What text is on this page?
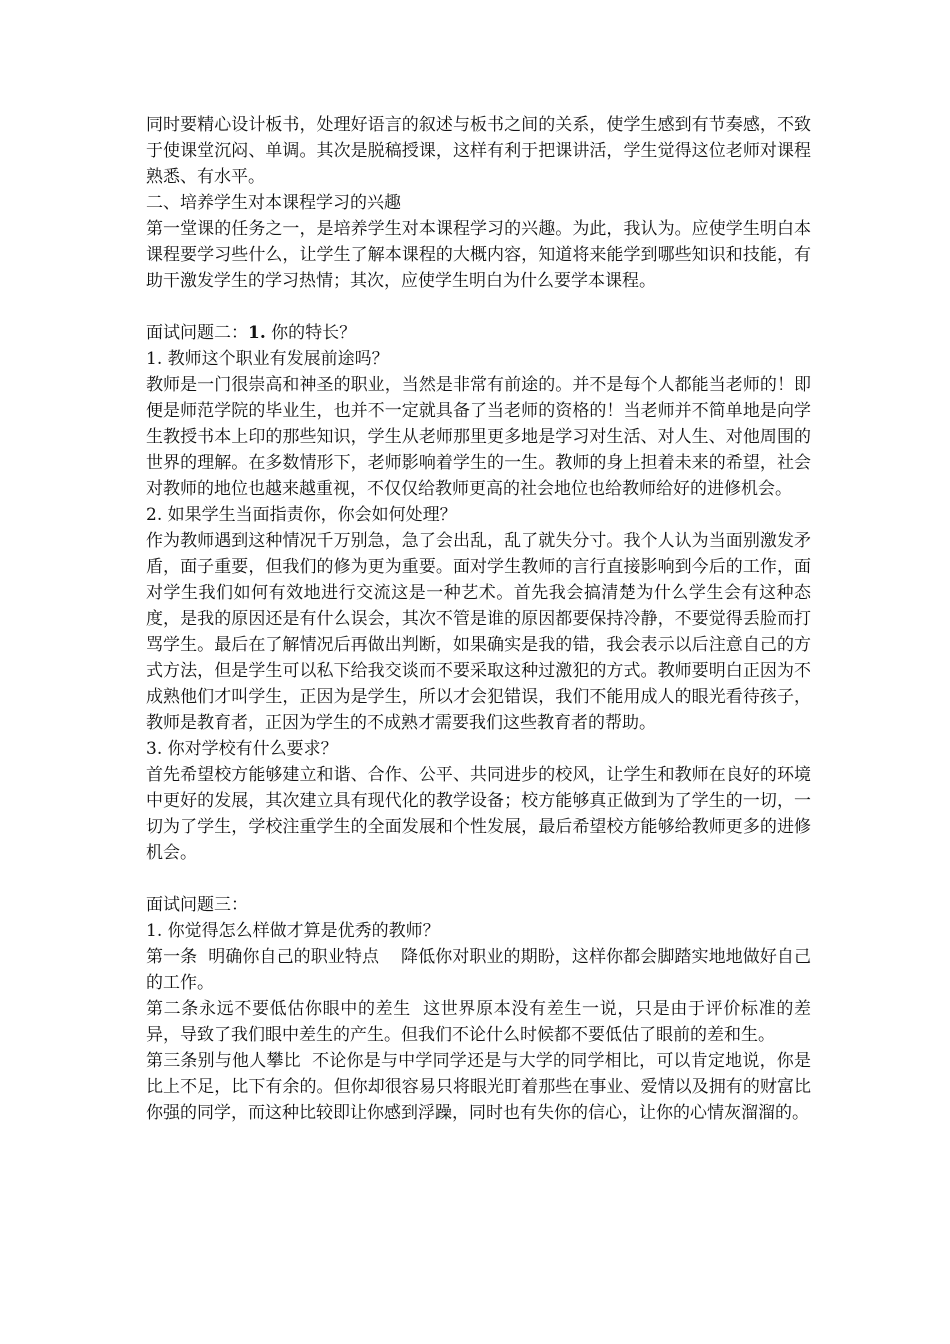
同时要精心设计板书，处理好语言的叙述与板书之间的关系，使学生感到有节奏感，不致于使课堂沉闷、单调。其次是脱稿授课，这样有利于把课讲活，学生觉得这位老师对课程熟悉、有水平。

二、培养学生对本课程学习的兴趣

第一堂课的任务之一，是培养学生对本课程学习的兴趣。为此，我认为。应使学生明白本课程要学习些什么，让学生了解本课程的大概内容，知道将来能学到哪些知识和技能，有助干激发学生的学习热情；其次，应使学生明白为什么要学本课程。

面试问题二：1. 你的特长？

1. 教师这个职业有发展前途吗？

教师是一门很崇高和神圣的职业，当然是非常有前途的。并不是每个人都能当老师的！即便是师范学院的毕业生，也并不一定就具备了当老师的资格的！当老师并不简单地是向学生教授书本上印的那些知识，学生从老师那里更多地是学习对生活、对人生、对他周围的世界的理解。在多数情形下，老师影响着学生的一生。教师的身上担着未来的希望，社会对教师的地位也越来越重视，不仅仅给教师更高的社会地位也给教师给好的进修机会。

2. 如果学生当面指责你，你会如何处理？

作为教师遇到这种情况千万别急，急了会出乱，乱了就失分寸。我个人认为当面别激发矛盾，面子重要，但我们的修为更为重要。面对学生教师的言行直接影响到今后的工作，面对学生我们如何有效地进行交流这是一种艺术。首先我会搞清楚为什么学生会有这种态度，是我的原因还是有什么误会，其次不管是谁的原因都要保持冷静，不要觉得丢脸而打骂学生。最后在了解情况后再做出判断，如果确实是我的错，我会表示以后注意自己的方式方法，但是学生可以私下给我交谈而不要采取这种过激犯的方式。教师要明白正因为不成熟他们才叫学生，正因为是学生，所以才会犯错误，我们不能用成人的眼光看待孩子，教师是教育者，正因为学生的不成熟才需要我们这些教育者的帮助。

3. 你对学校有什么要求？

首先希望校方能够建立和谐、合作、公平、共同进步的校风，让学生和教师在良好的环境中更好的发展，其次建立具有现代化的教学设备；校方能够真正做到为了学生的一切，一切为了学生，学校注重学生的全面发展和个性发展，最后希望校方能够给教师更多的进修机会。

面试问题三：

1. 你觉得怎么样做才算是优秀的教师？

第一条  明确你自己的职业特点    降低你对职业的期盼，这样你都会脚踏实地地做好自己的工作。

第二条永远不要低估你眼中的差生  这世界原本没有差生一说，只是由于评价标准的差异，导致了我们眼中差生的产生。但我们不论什么时候都不要低估了眼前的差和生。

第三条别与他人攀比  不论你是与中学同学还是与大学的同学相比，可以肯定地说，你是比上不足，比下有余的。但你却很容易只将眼光盯着那些在事业、爱情以及拥有的财富比你强的同学，而这种比较即让你感到浮躁，同时也有失你的信心，让你的心情灰溜溜的。
